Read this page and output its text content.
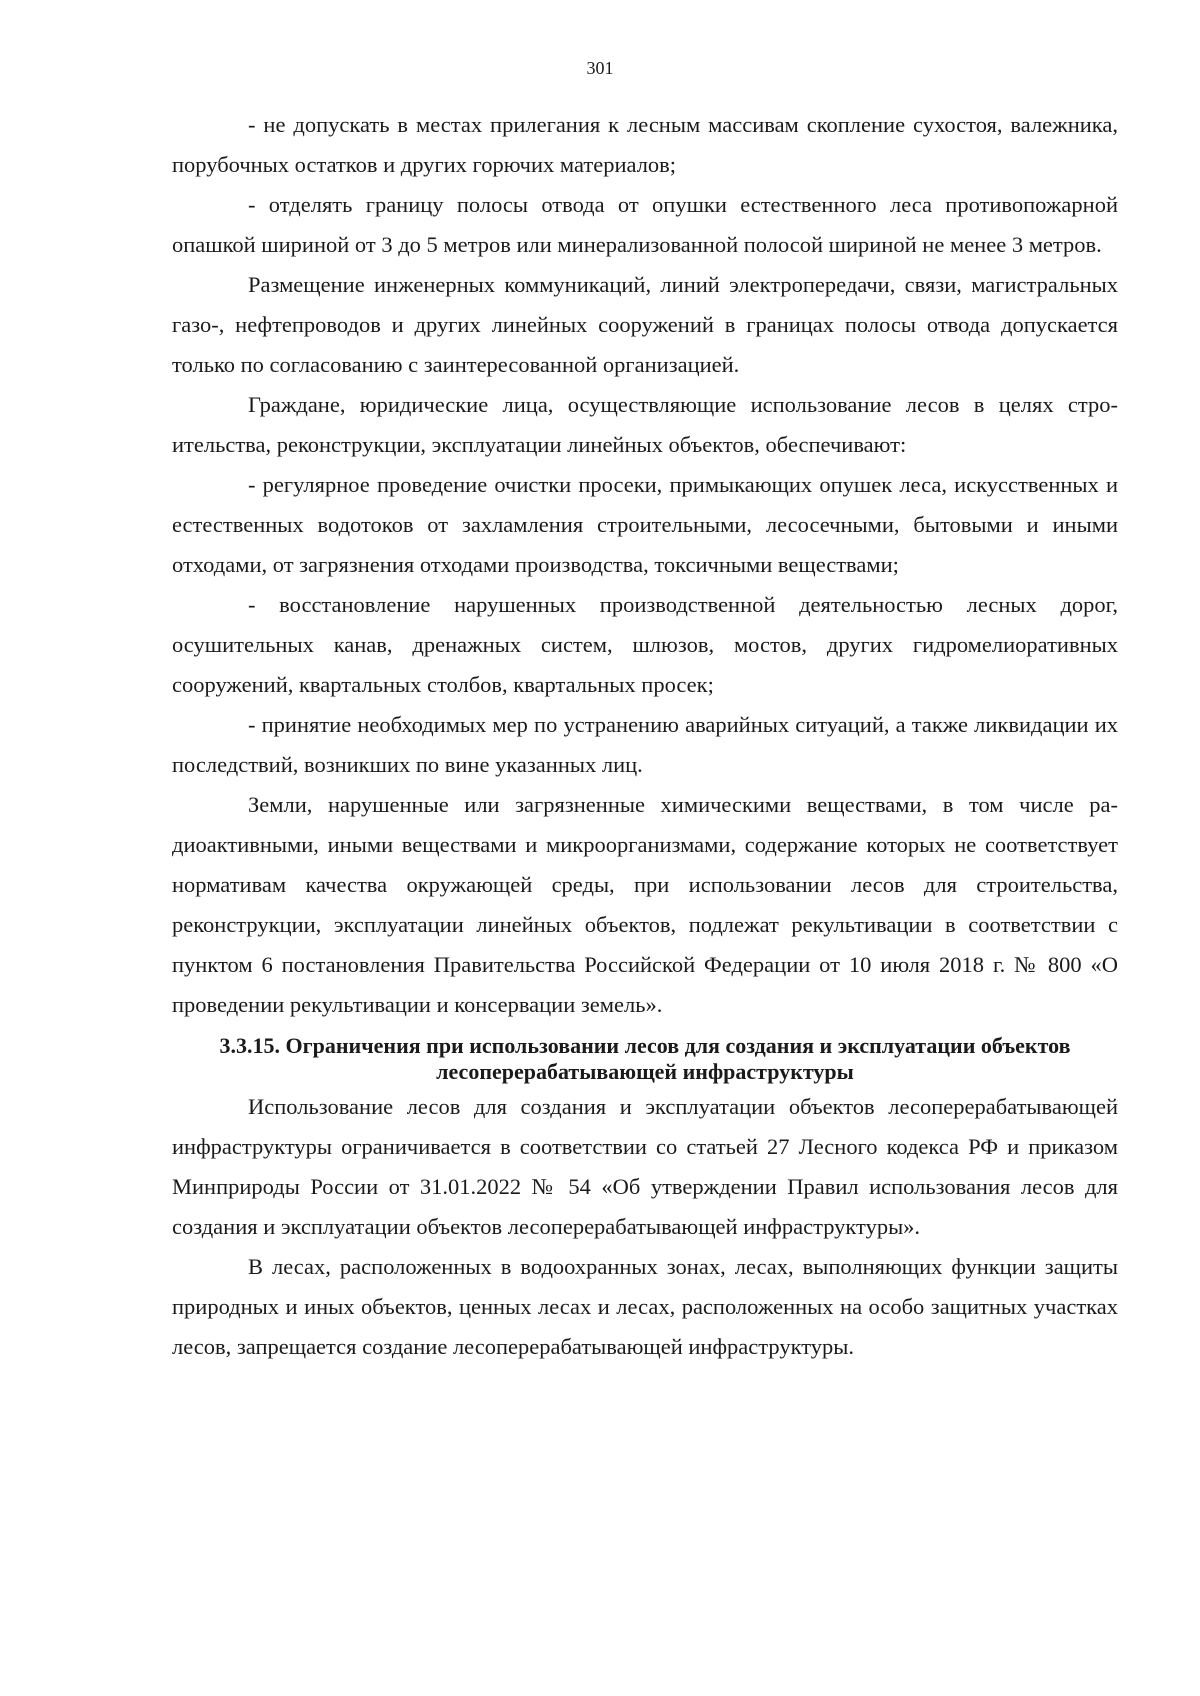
301

- не допускать в местах прилегания к лесным массивам скопление сухостоя, валежника, порубочных остатков и других горючих материалов;

- отделять границу полосы отвода от опушки естественного леса противопожарной опашкой шириной от 3 до 5 метров или минерализованной полосой шириной не менее 3 метров.

Размещение инженерных коммуникаций, линий электропередачи, связи, магистральных газо-, нефтепроводов и других линейных сооружений в границах полосы отвода допускается только по согласованию с заинтересованной организацией.

Граждане, юридические лица, осуществляющие использование лесов в целях строительства, реконструкции, эксплуатации линейных объектов, обеспечивают:

- регулярное проведение очистки просеки, примыкающих опушек леса, искусственных и естественных водотоков от захламления строительными, лесосечными, бытовыми и иными отходами, от загрязнения отходами производства, токсичными веществами;

- восстановление нарушенных производственной деятельностью лесных дорог, осушительных канав, дренажных систем, шлюзов, мостов, других гидромелиоративных сооружений, квартальных столбов, квартальных просек;

- принятие необходимых мер по устранению аварийных ситуаций, а также ликвидации их последствий, возникших по вине указанных лиц.

Земли, нарушенные или загрязненные химическими веществами, в том числе радиоактивными, иными веществами и микроорганизмами, содержание которых не соответствует нормативам качества окружающей среды, при использовании лесов для строительства, реконструкции, эксплуатации линейных объектов, подлежат рекультивации в соответствии с пунктом 6 постановления Правительства Российской Федерации от 10 июля 2018 г. № 800 «О проведении рекультивации и консервации земель».

3.3.15. Ограничения при использовании лесов для создания и эксплуатации объектов
лесоперерабатывающей инфраструктуры

Использование лесов для создания и эксплуатации объектов лесоперерабатывающей инфраструктуры ограничивается в соответствии со статьей 27 Лесного кодекса РФ и приказом Минприроды России от 31.01.2022 № 54 «Об утверждении Правил использования лесов для создания и эксплуатации объектов лесоперерабатывающей инфраструктуры».

В лесах, расположенных в водоохранных зонах, лесах, выполняющих функции защиты природных и иных объектов, ценных лесах и лесах, расположенных на особо защитных участках лесов, запрещается создание лесоперерабатывающей инфраструктуры.
